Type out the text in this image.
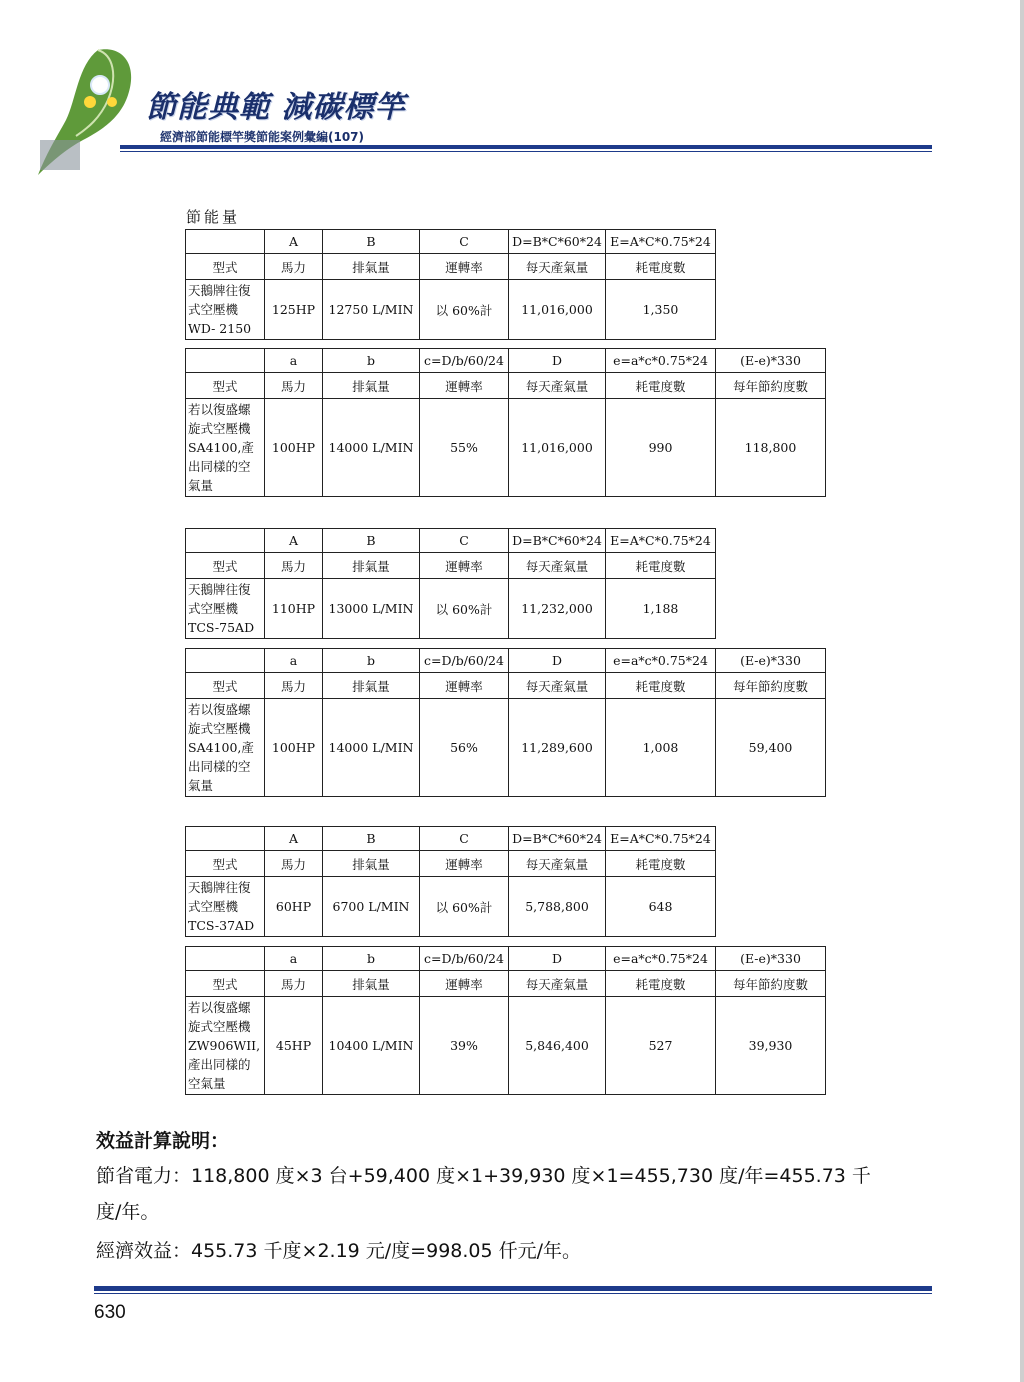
節能典範 減碳標竿
經濟部節能標竿獎節能案例彙編(107)
節能量
	A	B	C	D=B*C*60*24	E=A*C*0.75*24
型式	馬力	排氣量	運轉率	每天產氣量	耗電度數
天鵝牌往復式空壓機WD- 2150	125HP	12750 L/MIN	以 60%計	11,016,000	1,350
	a	b	c=D/b/60/24	D	e=a*c*0.75*24	(E-e)*330
型式	馬力	排氣量	運轉率	每天產氣量	耗電度數	每年節約度數
若以復盛螺旋式空壓機SA4100,產出同樣的空氣量	100HP	14000 L/MIN	55%	11,016,000	990	118,800
	A	B	C	D=B*C*60*24	E=A*C*0.75*24
型式	馬力	排氣量	運轉率	每天產氣量	耗電度數
天鵝牌往復式空壓機TCS-75AD	110HP	13000 L/MIN	以 60%計	11,232,000	1,188
	a	b	c=D/b/60/24	D	e=a*c*0.75*24	(E-e)*330
型式	馬力	排氣量	運轉率	每天產氣量	耗電度數	每年節約度數
若以復盛螺旋式空壓機SA4100,產出同樣的空氣量	100HP	14000 L/MIN	56%	11,289,600	1,008	59,400
	A	B	C	D=B*C*60*24	E=A*C*0.75*24
型式	馬力	排氣量	運轉率	每天產氣量	耗電度數
天鵝牌往復式空壓機TCS-37AD	60HP	6700 L/MIN	以 60%計	5,788,800	648
	a	b	c=D/b/60/24	D	e=a*c*0.75*24	(E-e)*330
型式	馬力	排氣量	運轉率	每天產氣量	耗電度數	每年節約度數
若以復盛螺旋式空壓機ZW906WII,產出同樣的空氣量	45HP	10400 L/MIN	39%	5,846,400	527	39,930
效益計算說明：
節省電力：118,800 度×3 台+59,400 度×1+39,930 度×1=455,730 度/年=455.73 千
度/年。
經濟效益：455.73 千度×2.19 元/度=998.05 仟元/年。
630
